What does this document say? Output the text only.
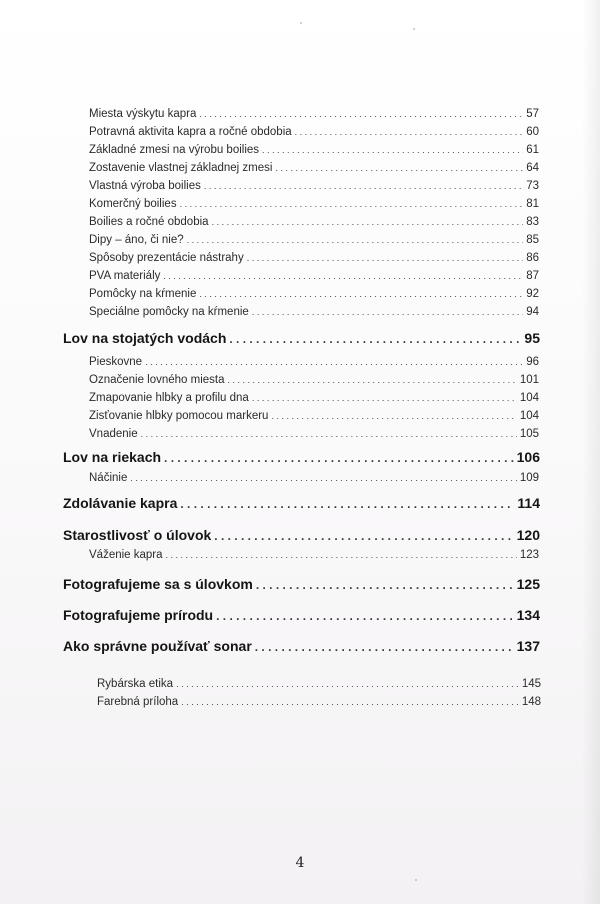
Miesta výskytu kapra . . .	57
Potravná aktivita kapra a ročné obdobia . . .	60
Základné zmesi na výrobu boilies . . .	61
Zostavenie vlastnej základnej zmesi . . .	64
Vlastná výroba boilies . . .	73
Komerčný boilies . . .	81
Boilies a ročné obdobia . . .	83
Dipy – áno, či nie? . . .	85
Spôsoby prezentácie nástrahy . . .	86
PVA materiály . . .	87
Pomôcky na kŕmenie . . .	92
Špeciálne pomôcky na kŕmenie . . .	94
Lov na stojatých vodách . . .	95
Pieskovne . . .	96
Označenie lovného miesta . . .	101
Zmapovanie hĺbky a profilu dna . . .	104
Zisťovanie hĺbky pomocou markeru . . .	104
Vnadenie . . .	105
Lov na riekach . . .	106
Náčinie . . .	109
Zdolávanie kapra . . .	114
Starostlivosť o úlovok . . .	120
Váženie kapra . . .	123
Fotografujeme sa s úlovkom . . .	125
Fotografujeme prírodu . . .	134
Ako správne používať sonar . . .	137
Rybárska etika . . .	145
Farebná príloha . . .	148
4
